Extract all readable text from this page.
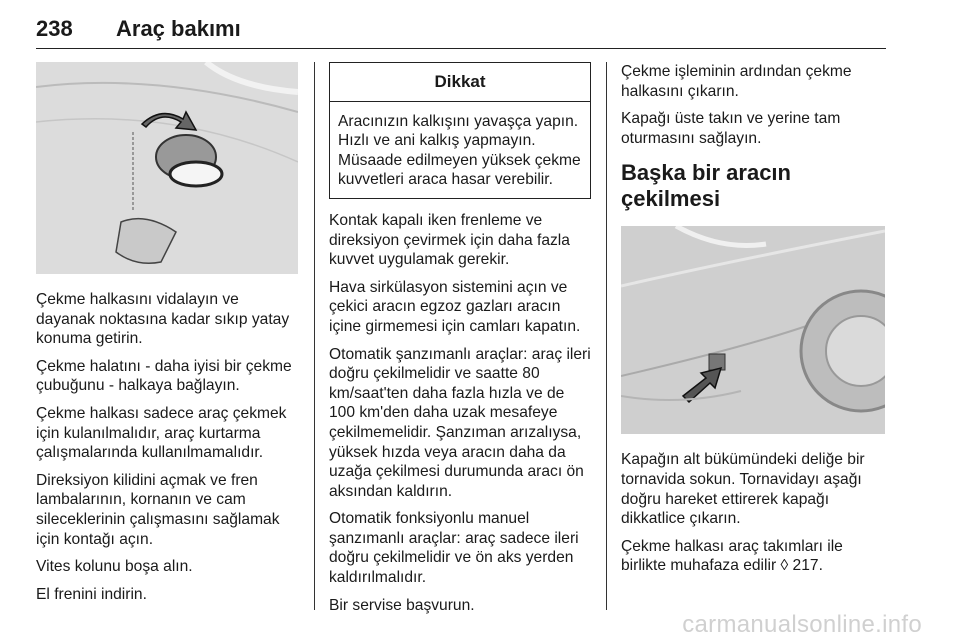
238 Araç bakımı

Çekme halkasını vidalayın ve dayanak noktasına kadar sıkıp yatay konuma getirin.

Çekme halatını - daha iyisi bir çekme çubuğunu - halkaya bağlayın.

Çekme halkası sadece araç çekmek için kulanılmalıdır, araç kurtarma çalışmalarında kullanılmamalıdır.

Direksiyon kilidini açmak ve fren lambalarının, kornanın ve cam sileceklerinin çalışmasını sağlamak için kontağı açın.

Vites kolunu boşa alın.

El frenini indirin.

Dikkat
Aracınızın kalkışını yavaşça yapın. Hızlı ve ani kalkış yapmayın. Müsaade edilmeyen yüksek çekme kuvvetleri araca hasar verebilir.

Kontak kapalı iken frenleme ve direksiyon çevirmek için daha fazla kuvvet uygulamak gerekir.

Hava sirkülasyon sistemini açın ve çekici aracın egzoz gazları aracın içine girmemesi için camları kapatın.

Otomatik şanzımanlı araçlar: araç ileri doğru çekilmelidir ve saatte 80 km/saat'ten daha fazla hızla ve de 100 km'den daha uzak mesafeye çekilmemelidir. Şanzıman arızalıysa, yüksek hızda veya aracın daha da uzağa çekilmesi durumunda aracı ön aksından kaldırın.

Otomatik fonksiyonlu manuel şanzımanlı araçlar: araç sadece ileri doğru çekilmelidir ve ön aks yerden kaldırılmalıdır.

Bir servise başvurun.

Çekme işleminin ardından çekme halkasını çıkarın.

Kapağı üste takın ve yerine tam oturmasını sağlayın.

Başka bir aracın çekilmesi

Kapağın alt bükümündeki deliğe bir tornavida sokun. Tornavidayı aşağı doğru hareket ettirerek kapağı dikkatlice çıkarın.

Çekme halkası araç takımları ile birlikte muhafaza edilir ◊ 217.

carmanualsonline.info
